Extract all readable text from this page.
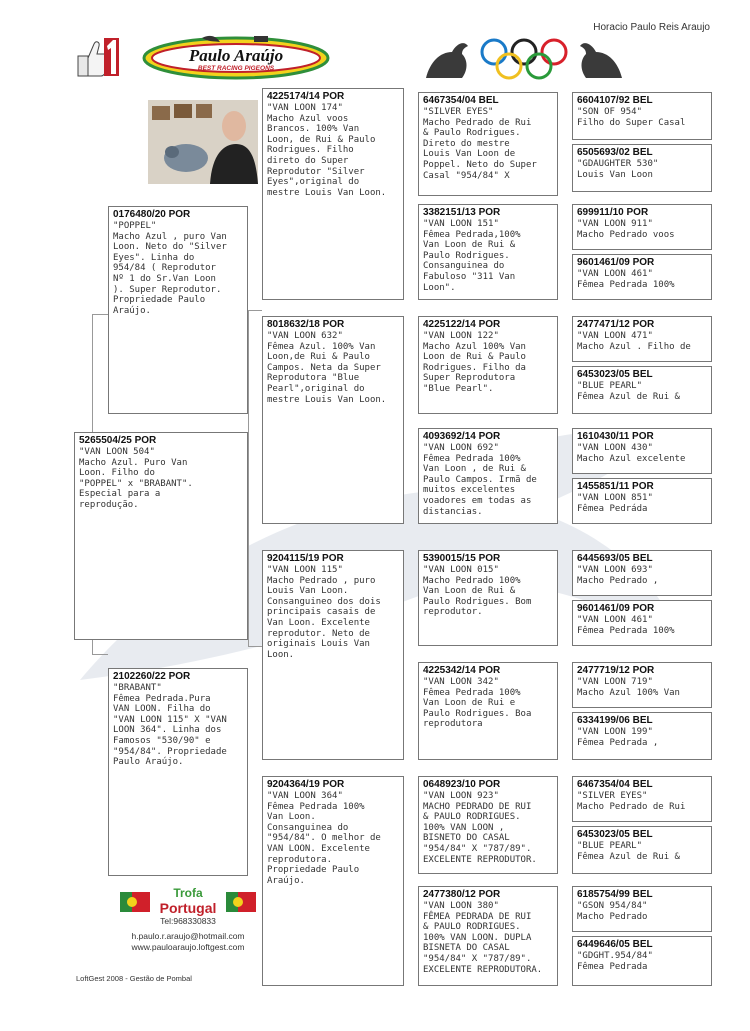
Horacio Paulo Reis Araujo
Paulo Araújo
BEST RACING PIGEONS
5265504/25 POR
"VAN LOON 504"
Macho Azul. Puro Van
Loon. Filho do
"POPPEL" x "BRABANT".
Especial para a
reprodução.
0176480/20 POR
"POPPEL"
Macho Azul , puro Van
Loon. Neto do "Silver
Eyes". Linha do
954/84 ( Reprodutor
Nº 1 do Sr.Van Loon
). Super Reprodutor.
Propriedade Paulo
Araújo.
2102260/22 POR
"BRABANT"
Fêmea Pedrada.Pura
VAN LOON. Filha do
"VAN LOON 115" X "VAN
LOON 364". Linha dos
Famosos "530/90" e
"954/84". Propriedade
Paulo Araújo.
4225174/14 POR
"VAN LOON 174"
Macho Azul voos
Brancos. 100% Van
Loon, de Rui & Paulo
Rodrigues. Filho
direto do Super
Reprodutor "Silver
Eyes",original do
mestre Louis Van Loon.
8018632/18 POR
"VAN LOON 632"
Fêmea Azul. 100% Van
Loon,de Rui & Paulo
Campos. Neta da Super
Reprodutora "Blue
Pearl",original do
mestre Louis Van Loon.
9204115/19 POR
"VAN LOON 115"
Macho Pedrado , puro
Louis Van Loon.
Consanguineo dos dois
principais casais de
Van Loon. Excelente
reprodutor. Neto de
originais Louis Van
Loon.
9204364/19 POR
"VAN LOON 364"
Fêmea Pedrada 100%
Van Loon.
Consanguinea do
"954/84". O melhor de
VAN LOON. Excelente
reprodutora.
Propriedade Paulo
Araújo.
6467354/04 BEL
"SILVER EYES"
Macho Pedrado de Rui
& Paulo Rodrigues.
Direto do mestre
Louis Van Loon de
Poppel. Neto do Super
Casal "954/84" X
3382151/13 POR
"VAN LOON 151"
Fêmea Pedrada,100%
Van Loon de Rui &
Paulo Rodrigues.
Consanguinea do
Fabuloso "311 Van
Loon".
4225122/14 POR
"VAN LOON 122"
Macho Azul 100% Van
Loon de Rui & Paulo
Rodrigues. Filho da
Super Reprodutora
"Blue Pearl".
4093692/14 POR
"VAN LOON 692"
Fêmea Pedrada 100%
Van Loon , de Rui &
Paulo Campos. Irmã de
muitos excelentes
voadores em todas as
distancias.
5390015/15 POR
"VAN LOON 015"
Macho Pedrado 100%
Van Loon de Rui &
Paulo Rodrigues. Bom
reprodutor.
4225342/14 POR
"VAN LOON 342"
Fêmea Pedrada 100%
Van Loon de Rui e
Paulo Rodrigues. Boa
reprodutora
0648923/10 POR
"VAN LOON 923"
MACHO PEDRADO DE RUI
& PAULO RODRIGUES.
100% VAN LOON ,
BISNETO DO CASAL
"954/84" X "787/89".
EXCELENTE REPRODUTOR.
2477380/12 POR
"VAN LOON 380"
FÊMEA PEDRADA DE RUI
& PAULO RODRIGUES.
100% VAN LOON. DUPLA
BISNETA DO CASAL
"954/84" X "787/89".
EXCELENTE REPRODUTORA.
6604107/92 BEL
"SON OF 954"
Filho do Super Casal
6505693/02 BEL
"GDAUGHTER 530"
Louis Van Loon
699911/10 POR
"VAN LOON 911"
Macho Pedrado voos
9601461/09 POR
"VAN LOON 461"
Fêmea Pedrada 100%
2477471/12 POR
"VAN LOON 471"
Macho Azul . Filho de
6453023/05 BEL
"BLUE PEARL"
Fêmea Azul de Rui &
1610430/11 POR
"VAN LOON 430"
Macho Azul excelente
1455851/11 POR
"VAN LOON 851"
Fêmea Pedráda
6445693/05 BEL
"VAN LOON 693"
Macho Pedrado ,
9601461/09 POR
"VAN LOON 461"
Fêmea Pedrada 100%
2477719/12 POR
"VAN LOON 719"
Macho Azul 100% Van
6334199/06 BEL
"VAN LOON 199"
Fêmea Pedrada ,
6467354/04 BEL
"SILVER EYES"
Macho Pedrado de Rui
6453023/05 BEL
"BLUE PEARL"
Fêmea Azul de Rui &
6185754/99 BEL
"GSON 954/84"
Macho Pedrado
6449646/05 BEL
"GDGHT.954/84"
Fêmea Pedrada
Trofa
Portugal
Tel:968330833
h.paulo.r.araujo@hotmail.com
www.pauloaraujo.loftgest.com
LoftGest 2008 - Gestão de Pombal
